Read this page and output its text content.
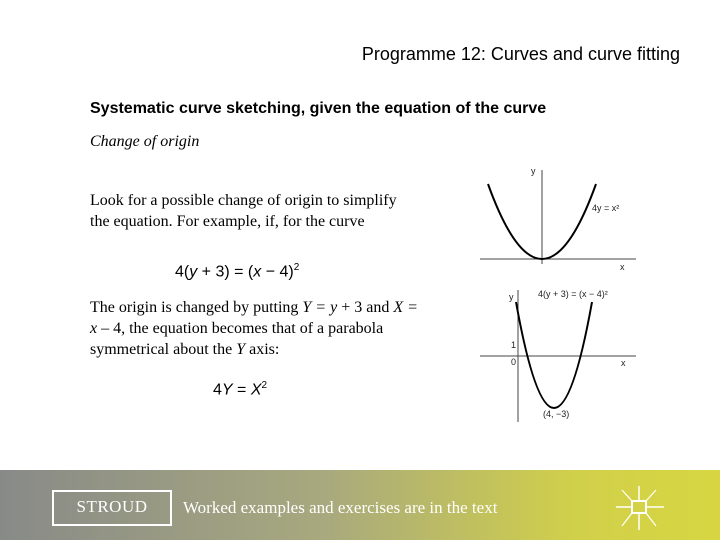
Programme 12: Curves and curve fitting
Systematic curve sketching, given the equation of the curve
Change of origin
Look for a possible change of origin to simplify the equation. For example, if, for the curve
$4(y + 3) = (x - 4)^2$
The origin is changed by putting Y = y + 3 and X = x – 4, the equation becomes that of a parabola symmetrical about the Y axis:
$4Y = X^2$
y
x
4y = x²
y
x
4(y + 3) = (x − 4)²
1
0
(4, −3)
STROUD	Worked examples and exercises are in the text
